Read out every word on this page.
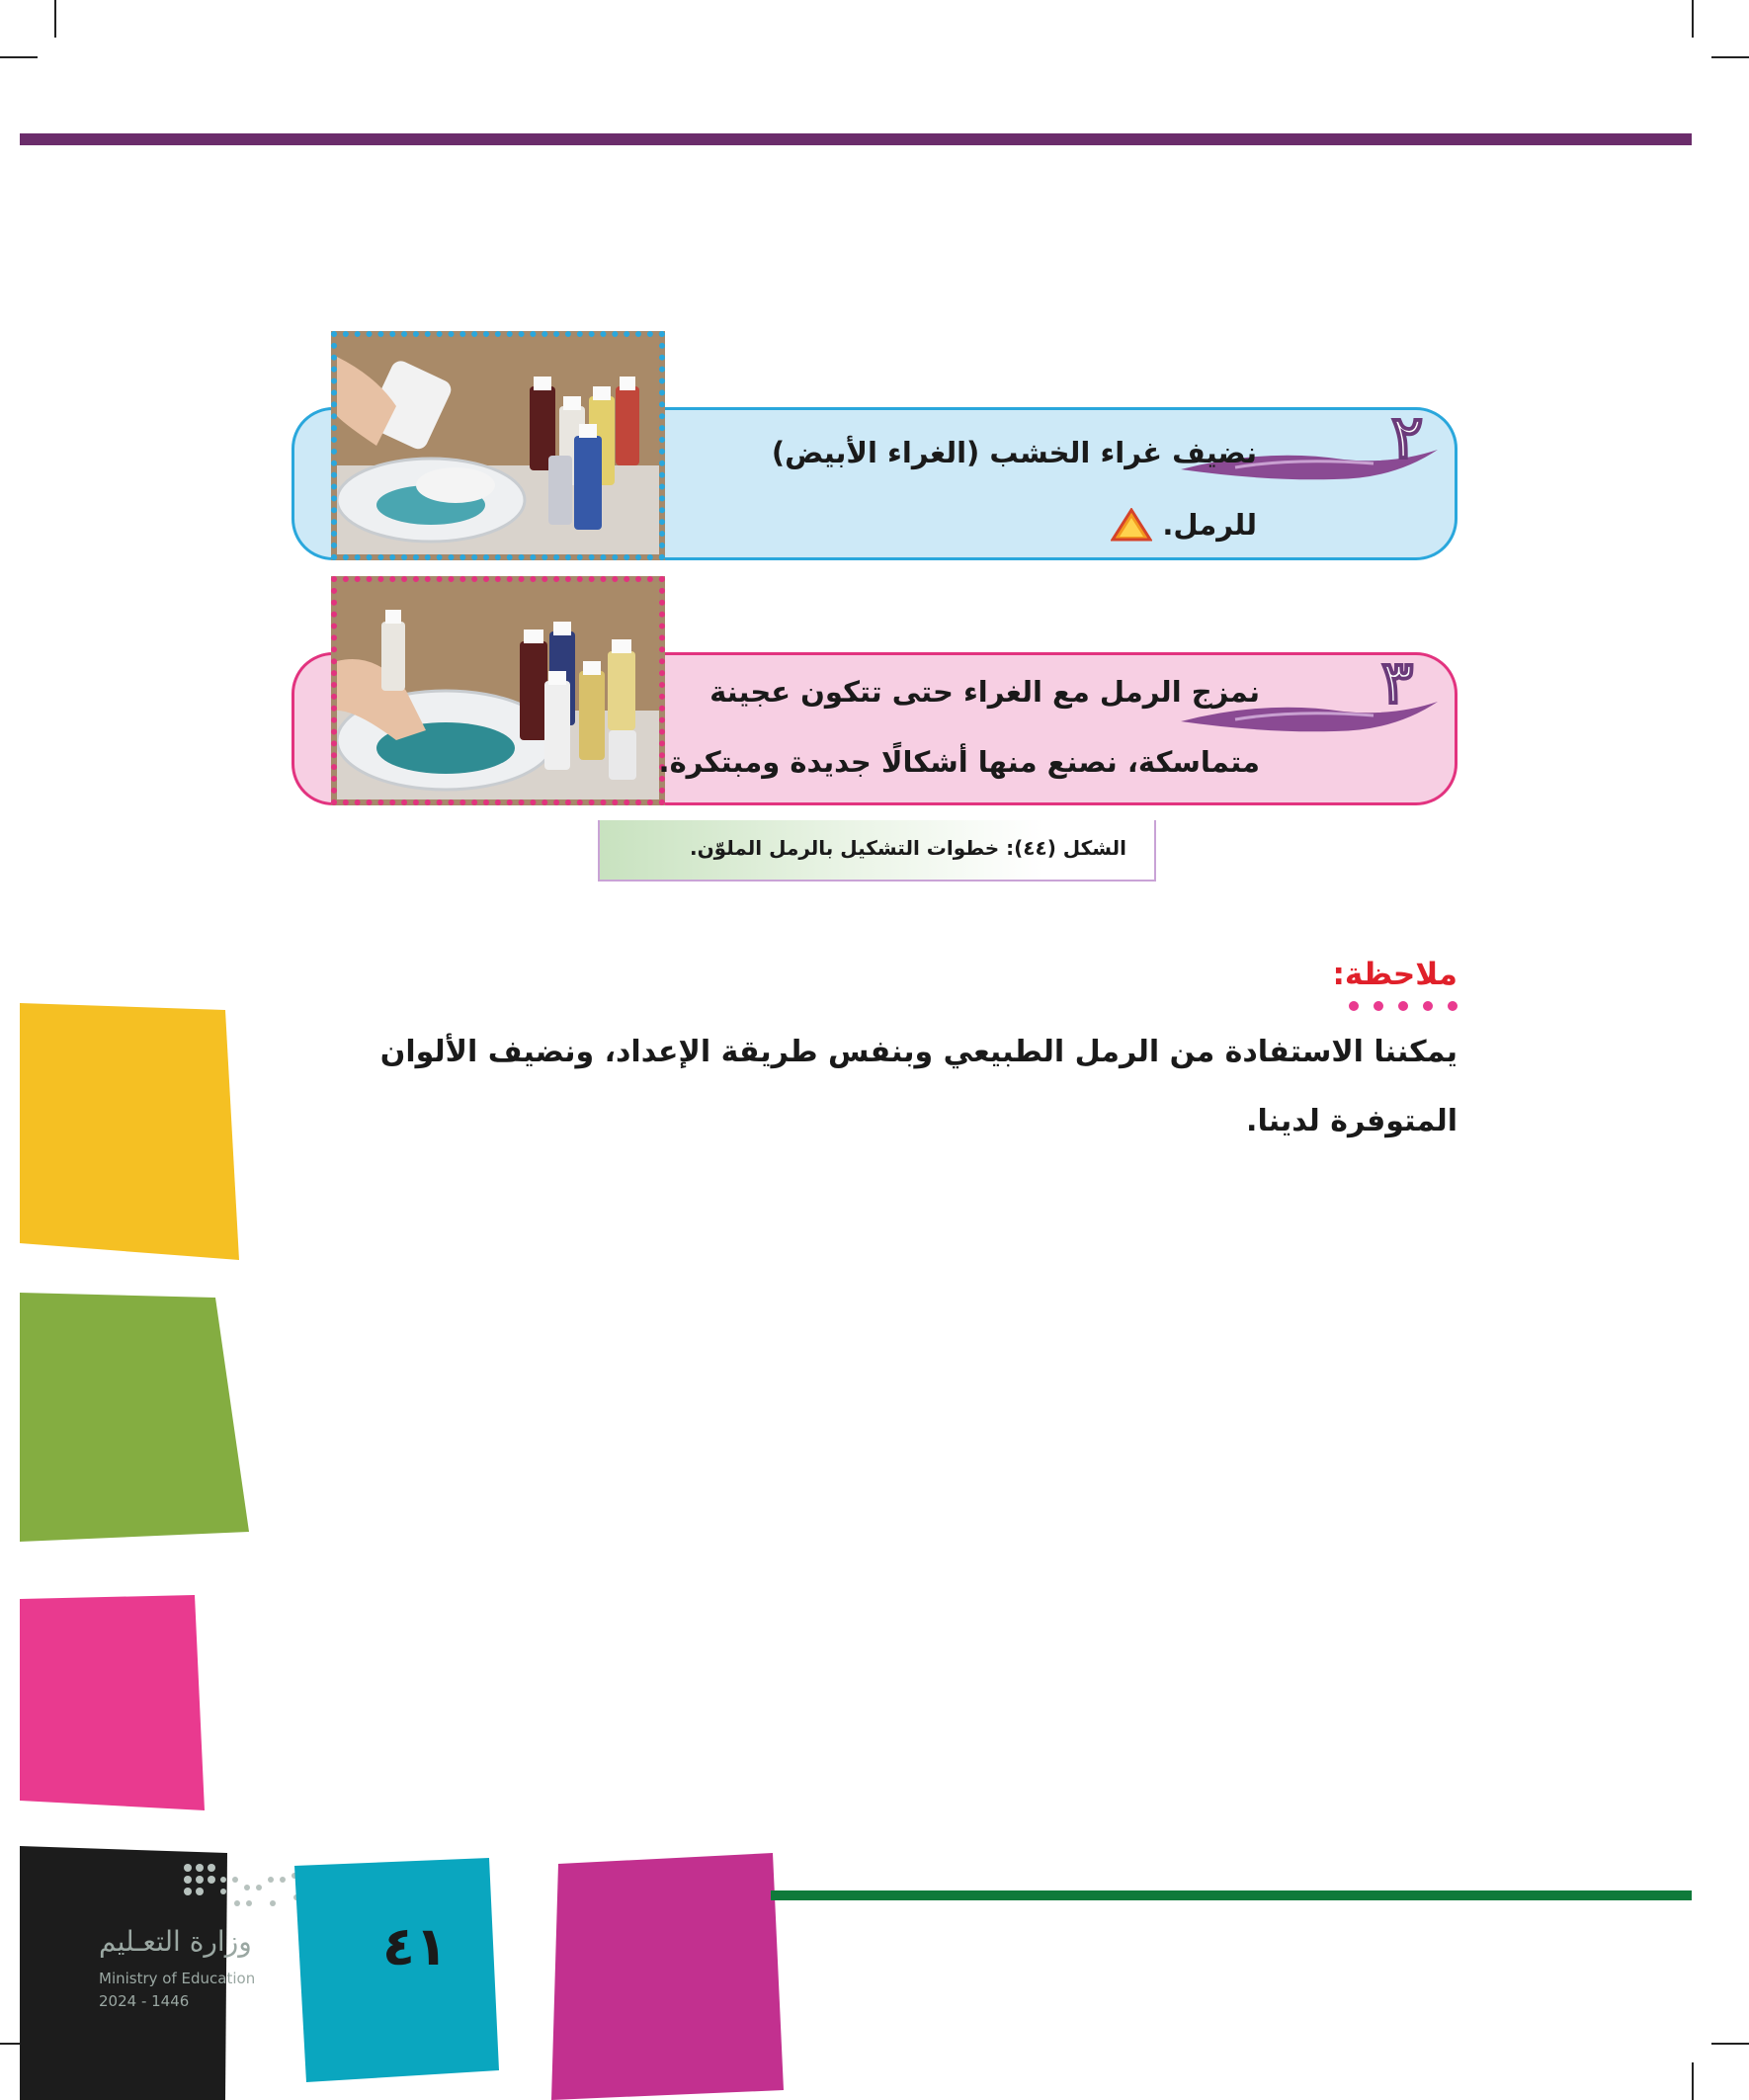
٢
نضيف غراء الخشب (الغراء الأبيض)
للرمل.
٣
نمزج الرمل مع الغراء حتى تتكون عجينة
متماسكة، نصنع منها أشكالًا جديدة ومبتكرة.
الشكل (٤٤): خطوات التشكيل بالرمل الملوّن.
ملاحظة:
يمكننا الاستفادة من الرمل الطبيعي وبنفس طريقة الإعداد، ونضيف الألوان المتوفرة لدينا.
وزارة التعـليم
Ministry of Education
2024 - 1446
٤١
